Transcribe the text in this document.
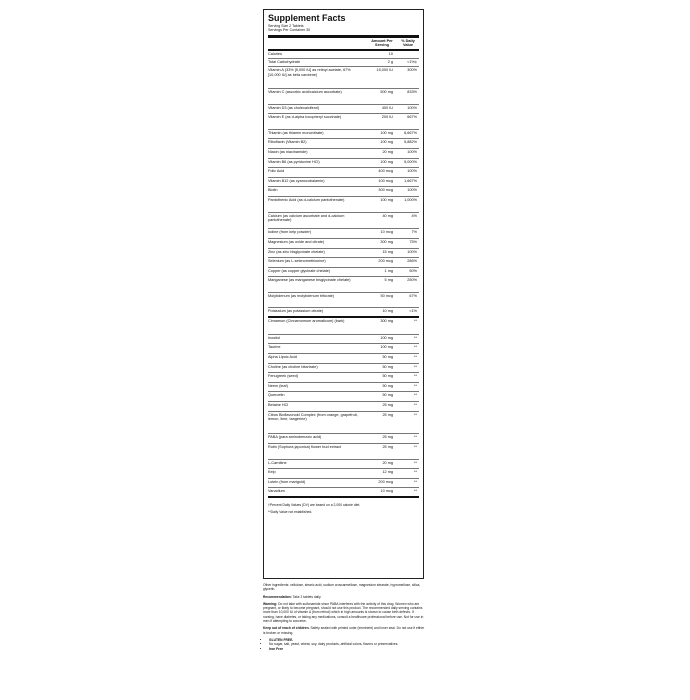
Supplement Facts
Serving Size 2 Tablets
Servings Per Container 30
Amount Per Serving
% Daily Value
Calories	10
Total Carbohydrate	2 g	<1%‡
Vitamin A (33% [5,000 IU] as retinyl acetate, 67% [10,000 IU] as beta carotene)
15,000 IU	300%
Vitamin C (ascorbic acid/calcium ascorbate)	500 mg	833%
Vitamin D3 (as cholecalciferol)	400 IU	100%
Vitamin E (as d-alpha tocopheryl succinate)	200 IU	667%
Thiamin (as thiamin mononitrate)	100 mg	6,667%
Riboflavin (Vitamin B2)	100 mg	5,882%
Niacin (as niacinamide)	20 mg	100%
Vitamin B6 (as pyridoxine HCl)	100 mg	5,000%
Folic Acid	400 mcg	100%
Vitamin B12 (as cyanocobalamin)	100 mcg	1,667%
Biotin	300 mcg	100%
Pantothenic Acid (as d-calcium pantothenate)	100 mg	1,000%
Calcium (as calcium ascorbate and d-calcium pantothenate)
40 mg	4%
Iodine (from kelp powder)	10 mcg	7%
Magnesium (as oxide and citrate)	300 mg	75%
Zinc (as zinc bisglycinate chelate)	15 mg	100%
Selenium (as L-selenomethionine)	200 mcg	286%
Copper (as copper glycinate chelate)	1 mg	50%
Manganese (as manganese bisglycinate chelate)	5 mg	250%
Molybdenum (as molybdenum trifurate)	50 mcg	67%
Potassium (as potassium citrate)	10 mg	<1%
Cinnamon (Cinnamomum aromaticum) (bark)	300 mg	**
Inositol	100 mg	**
Taurine	100 mg	**
Alpha Lipoic Acid	50 mg	**
Choline (as choline bitartrate)	50 mg	**
Fenugreek (seed)	50 mg	**
Neem (leaf)	50 mg	**
Quercetin	50 mg	**
Betaine HCl	25 mg	**
Citrus Bioflavonoid Complex (from orange, grapefruit, lemon, lime, tangerine)
25 mg	**
PABA (para aminobenzoic acid)	25 mg	**
Rutin (Sophora japonica) flower bud extract	25 mg	**
L-Carnitine	20 mg	**
Kelp	12 mg	**
Lutein (from marigold)	200 mcg	**
Vanadium	10 mcg	**
†Percent Daily Values (DV) are based on a 2,000 calorie diet.
**Daily Value not established.

Other ingredients: cellulose, stearic acid, sodium croscarmellose, magnesium stearate, hypromellose, silica, glycerin.

Recommendation: Take 2 tablets daily.

Warning: Do not take with sulfonamide since PABA interferes with the activity of this drug. Women who are pregnant, or likely to become pregnant, should not use this product. The recommended daily serving contains more than 10,000 IU of vitamin A (from retinol) which in high amounts is shown to cause birth defects. If nursing, have diabetes, or taking any medications, consult a healthcare professional before use. Not for use in men if attempting to conceive.

Keep out of reach of children. Safety sealed with printed outer (imminent) and inner seal. Do not use if either is broken or missing.

• GLUTEN FREE.
• No sugar, salt, yeast, wheat, soy, dairy products, artificial colors, flavors or preservatives.
• Iron Free
